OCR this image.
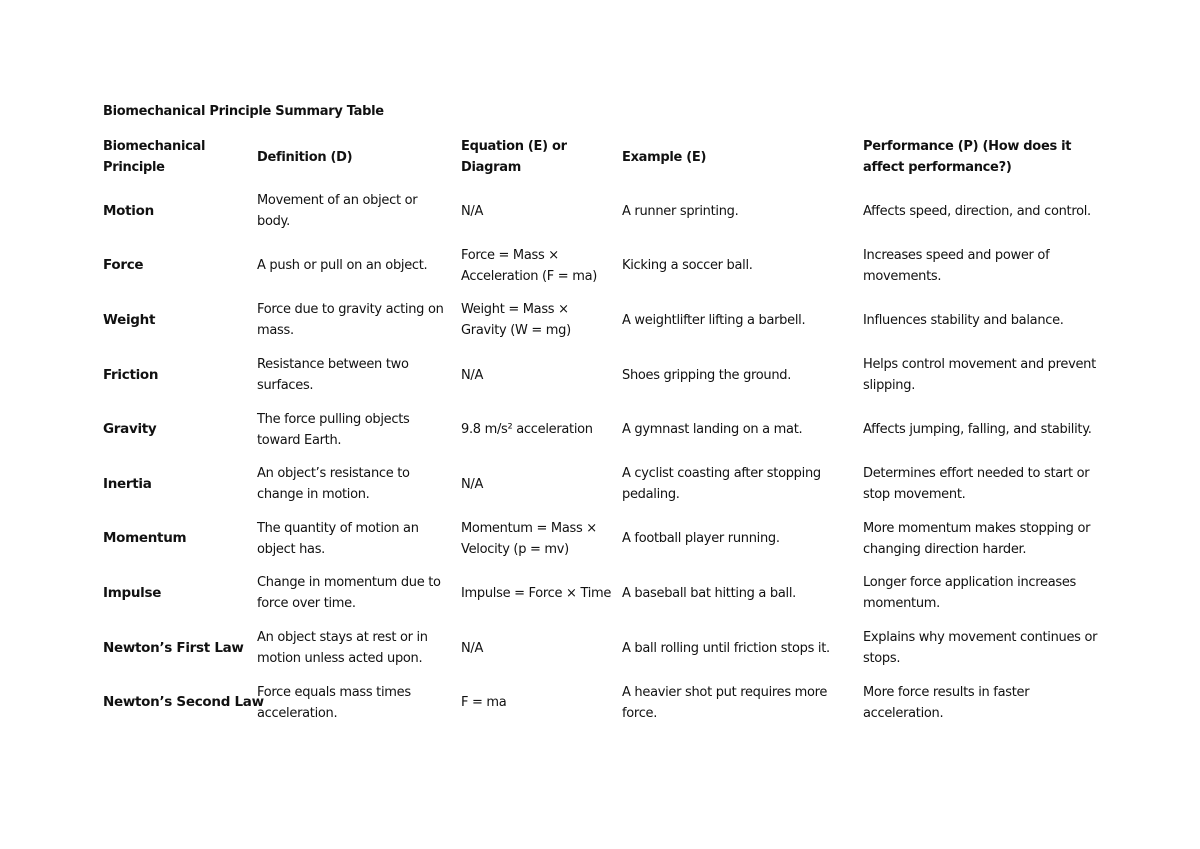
Biomechanical Principle Summary Table
Biomechanical Principle	Definition (D)	Equation (E) or Diagram	Example (E)	Performance (P) (How does it affect performance?)
Motion	Movement of an object or body.	N/A	A runner sprinting.	Affects speed, direction, and control.
Force	A push or pull on an object.	Force = Mass × Acceleration (F = ma)	Kicking a soccer ball.	Increases speed and power of movements.
Weight	Force due to gravity acting on mass.	Weight = Mass × Gravity (W = mg)	A weightlifter lifting a barbell.	Influences stability and balance.
Friction	Resistance between two surfaces.	N/A	Shoes gripping the ground.	Helps control movement and prevent slipping.
Gravity	The force pulling objects toward Earth.	9.8 m/s² acceleration	A gymnast landing on a mat.	Affects jumping, falling, and stability.
Inertia	An object’s resistance to change in motion.	N/A	A cyclist coasting after stopping pedaling.	Determines effort needed to start or stop movement.
Momentum	The quantity of motion an object has.	Momentum = Mass × Velocity (p = mv)	A football player running.	More momentum makes stopping or changing direction harder.
Impulse	Change in momentum due to force over time.	Impulse = Force × Time	A baseball bat hitting a ball.	Longer force application increases momentum.
Newton’s First Law	An object stays at rest or in motion unless acted upon.	N/A	A ball rolling until friction stops it.	Explains why movement continues or stops.
Newton’s Second Law	Force equals mass times acceleration.	F = ma	A heavier shot put requires more force.	More force results in faster acceleration.
